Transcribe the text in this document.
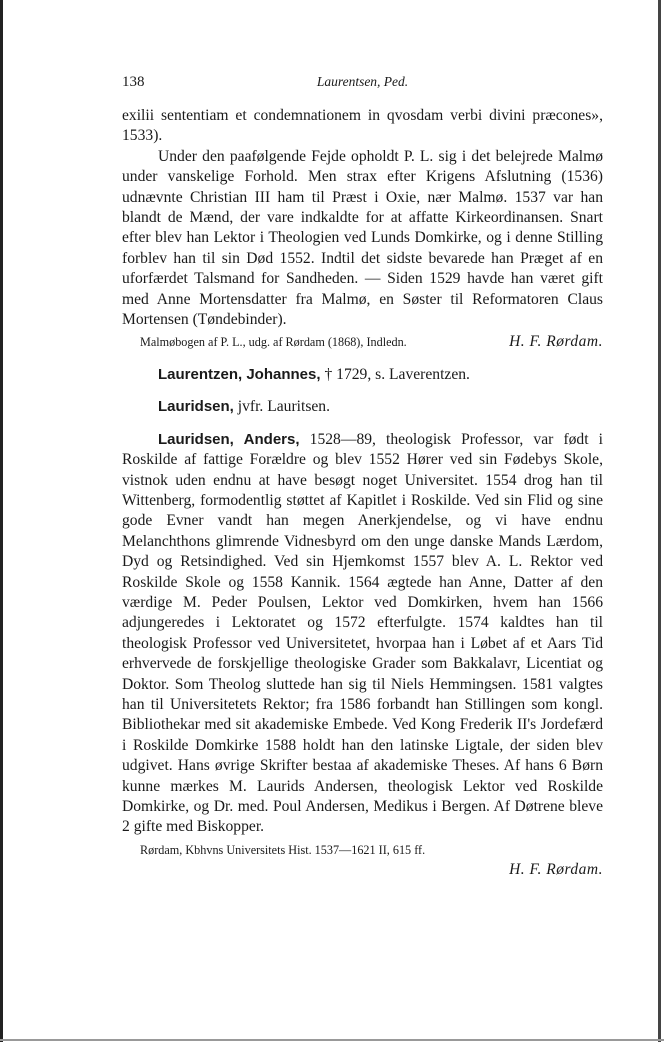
138	Laurentsen, Ped.

exilii sententiam et condemnationem in qvosdam verbi divini præcones», 1533).

Under den paafølgende Fejde opholdt P. L. sig i det belejrede Malmø under vanskelige Forhold. Men strax efter Krigens Afslutning (1536) udnævnte Christian III ham til Præst i Oxie, nær Malmø. 1537 var han blandt de Mænd, der vare indkaldte for at affatte Kirkeordinansen. Snart efter blev han Lektor i Theologien ved Lunds Domkirke, og i denne Stilling forblev han til sin Død 1552. Indtil det sidste bevarede han Præget af en uforfærdet Talsmand for Sandheden. — Siden 1529 havde han været gift med Anne Mortensdatter fra Malmø, en Søster til Reformatoren Claus Mortensen (Tøndebinder).

Malmøbogen af P. L., udg. af Rørdam (1868), Indledn.	H. F. Rørdam.

Laurentzen, Johannes, † 1729, s. Laverentzen.

Lauridsen, jvfr. Lauritsen.

Lauridsen, Anders, 1528—89, theologisk Professor, var født i Roskilde af fattige Forældre og blev 1552 Hører ved sin Fødebys Skole, vistnok uden endnu at have besøgt noget Universitet. 1554 drog han til Wittenberg, formodentlig støttet af Kapitlet i Roskilde. Ved sin Flid og sine gode Evner vandt han megen Anerkjendelse, og vi have endnu Melanchthons glimrende Vidnesbyrd om den unge danske Mands Lærdom, Dyd og Retsindighed. Ved sin Hjemkomst 1557 blev A. L. Rektor ved Roskilde Skole og 1558 Kannik. 1564 ægtede han Anne, Datter af den værdige M. Peder Poulsen, Lektor ved Domkirken, hvem han 1566 adjungeredes i Lektoratet og 1572 efterfulgte. 1574 kaldtes han til theologisk Professor ved Universitetet, hvorpaa han i Løbet af et Aars Tid erhvervede de forskjellige theologiske Grader som Bakkalavr, Licentiat og Doktor. Som Theolog sluttede han sig til Niels Hemmingsen. 1581 valgtes han til Universitetets Rektor; fra 1586 forbandt han Stillingen som kongl. Bibliothekar med sit akademiske Embede. Ved Kong Frederik II's Jordefærd i Roskilde Domkirke 1588 holdt han den latinske Ligtale, der siden blev udgivet. Hans øvrige Skrifter bestaa af akademiske Theses. Af hans 6 Børn kunne mærkes M. Laurids Andersen, theologisk Lektor ved Roskilde Domkirke, og Dr. med. Poul Andersen, Medikus i Bergen. Af Døtrene bleve 2 gifte med Biskopper.

Rørdam, Kbhvns Universitets Hist. 1537—1621 II, 615 ff.
H. F. Rørdam.
